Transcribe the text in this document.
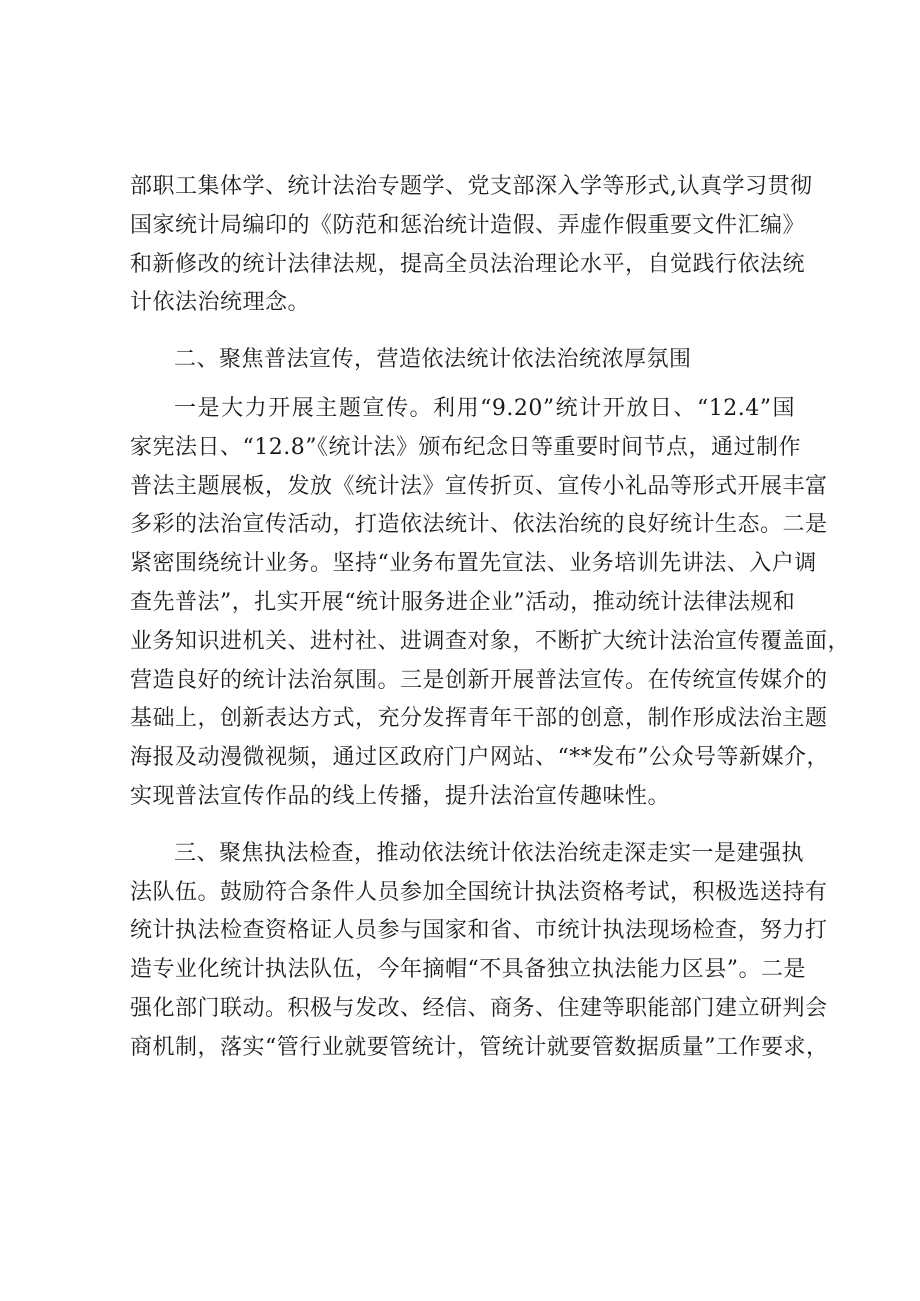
部职工集体学、统计法治专题学、党支部深入学等形式,认真学习贯彻
国家统计局编印的《防范和惩治统计造假、弄虚作假重要文件汇编》
和新修改的统计法律法规，提高全员法治理论水平，自觉践行依法统
计依法治统理念。
二、聚焦普法宣传，营造依法统计依法治统浓厚氛围
一是大力开展主题宣传。利用“9.20”统计开放日、“12.4”国
家宪法日、“12.8”《统计法》颁布纪念日等重要时间节点，通过制作
普法主题展板，发放《统计法》宣传折页、宣传小礼品等形式开展丰富
多彩的法治宣传活动，打造依法统计、依法治统的良好统计生态。二是
紧密围绕统计业务。坚持“业务布置先宣法、业务培训先讲法、入户调
查先普法”，扎实开展“统计服务进企业”活动，推动统计法律法规和
业务知识进机关、进村社、进调查对象，不断扩大统计法治宣传覆盖面，
营造良好的统计法治氛围。三是创新开展普法宣传。在传统宣传媒介的
基础上，创新表达方式，充分发挥青年干部的创意，制作形成法治主题
海报及动漫微视频，通过区政府门户网站、“**发布”公众号等新媒介，
实现普法宣传作品的线上传播，提升法治宣传趣味性。
三、聚焦执法检查，推动依法统计依法治统走深走实一是建强执
法队伍。鼓励符合条件人员参加全国统计执法资格考试，积极选送持有
统计执法检查资格证人员参与国家和省、市统计执法现场检查，努力打
造专业化统计执法队伍，今年摘帽“不具备独立执法能力区县”。二是
强化部门联动。积极与发改、经信、商务、住建等职能部门建立研判会
商机制，落实“管行业就要管统计，管统计就要管数据质量”工作要求，
